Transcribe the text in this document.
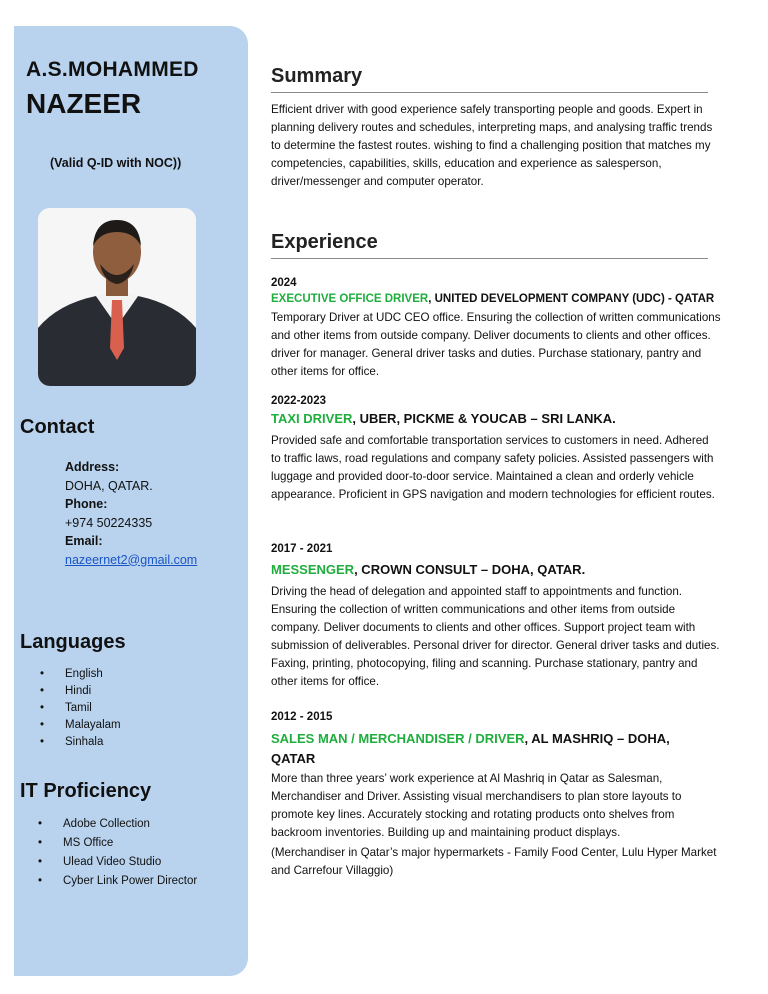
A.S.MOHAMMED
NAZEER
(Valid Q-ID with NOC))
Contact
Address:
DOHA, QATAR.
Phone:
+974 50224335
Email:
nazeernet2@gmail.com
Languages
• English
• Hindi
• Tamil
• Malayalam
• Sinhala
IT Proficiency
• Adobe Collection
• MS Office
• Ulead Video Studio
• Cyber Link Power Director
Summary
Efficient driver with good experience safely transporting people and goods. Expert in planning delivery routes and schedules, interpreting maps, and analysing traffic trends to determine the fastest routes. wishing to find a challenging position that matches my competencies, capabilities, skills, education and experience as salesperson, driver/messenger and computer operator.
Experience
2024
EXECUTIVE OFFICE DRIVER, UNITED DEVELOPMENT COMPANY (UDC) - QATAR
Temporary Driver at UDC CEO office. Ensuring the collection of written communications and other items from outside company. Deliver documents to clients and other offices. driver for manager. General driver tasks and duties. Purchase stationary, pantry and other items for office.
2022-2023
TAXI DRIVER, UBER, PICKME & YOUCAB – SRI LANKA.
Provided safe and comfortable transportation services to customers in need. Adhered to traffic laws, road regulations and company safety policies. Assisted passengers with luggage and provided door-to-door service. Maintained a clean and orderly vehicle appearance. Proficient in GPS navigation and modern technologies for efficient routes.
2017 - 2021
MESSENGER, CROWN CONSULT – DOHA, QATAR.
Driving the head of delegation and appointed staff to appointments and function. Ensuring the collection of written communications and other items from outside company. Deliver documents to clients and other offices. Support project team with submission of deliverables. Personal driver for director. General driver tasks and duties. Faxing, printing, photocopying, filing and scanning. Purchase stationary, pantry and other items for office.
2012 - 2015
SALES MAN / MERCHANDISER / DRIVER, AL MASHRIQ – DOHA, QATAR
More than three years’ work experience at Al Mashriq in Qatar as Salesman, Merchandiser and Driver. Assisting visual merchandisers to plan store layouts to promote key lines. Accurately stocking and rotating products onto shelves from backroom inventories. Building up and maintaining product displays.
(Merchandiser in Qatar’s major hypermarkets - Family Food Center, Lulu Hyper Market and Carrefour Villaggio)
